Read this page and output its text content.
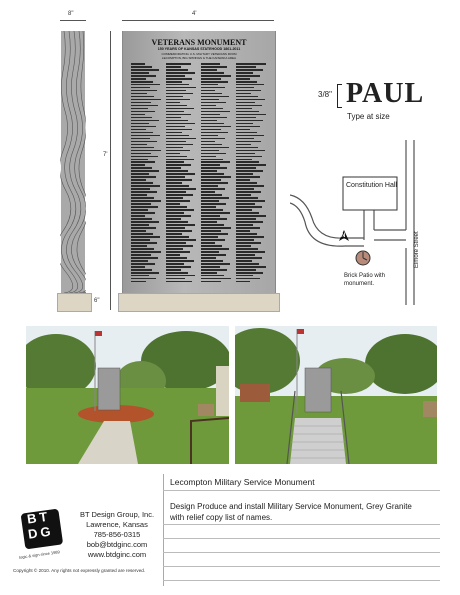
8"
7'
6"
4'
VETERANS MONUMENT
150 YEARS OF KANSAS STATEHOOD 1861-2011
COMMEMORATING U.S. MILITARY VETERANS FROM
LECOMPTON, BIG SPRINGS & THE KANWAKA AREA
3/8" PAUL
Type at size
Constitution Hall
N
Brick Patio with monument.
Elmore Street
Lecompton Military Service Monument
Design Produce and install Military Service Monument, Grey Granite
with relief copy list of names.
BT
DG
logic & sign since 1989
BT Design Group, Inc.
Lawrence, Kansas
785-856-0315
bob@btdginc.com
www.btdginc.com
Copyright © 2010. Any rights not expressly granted are reserved.
